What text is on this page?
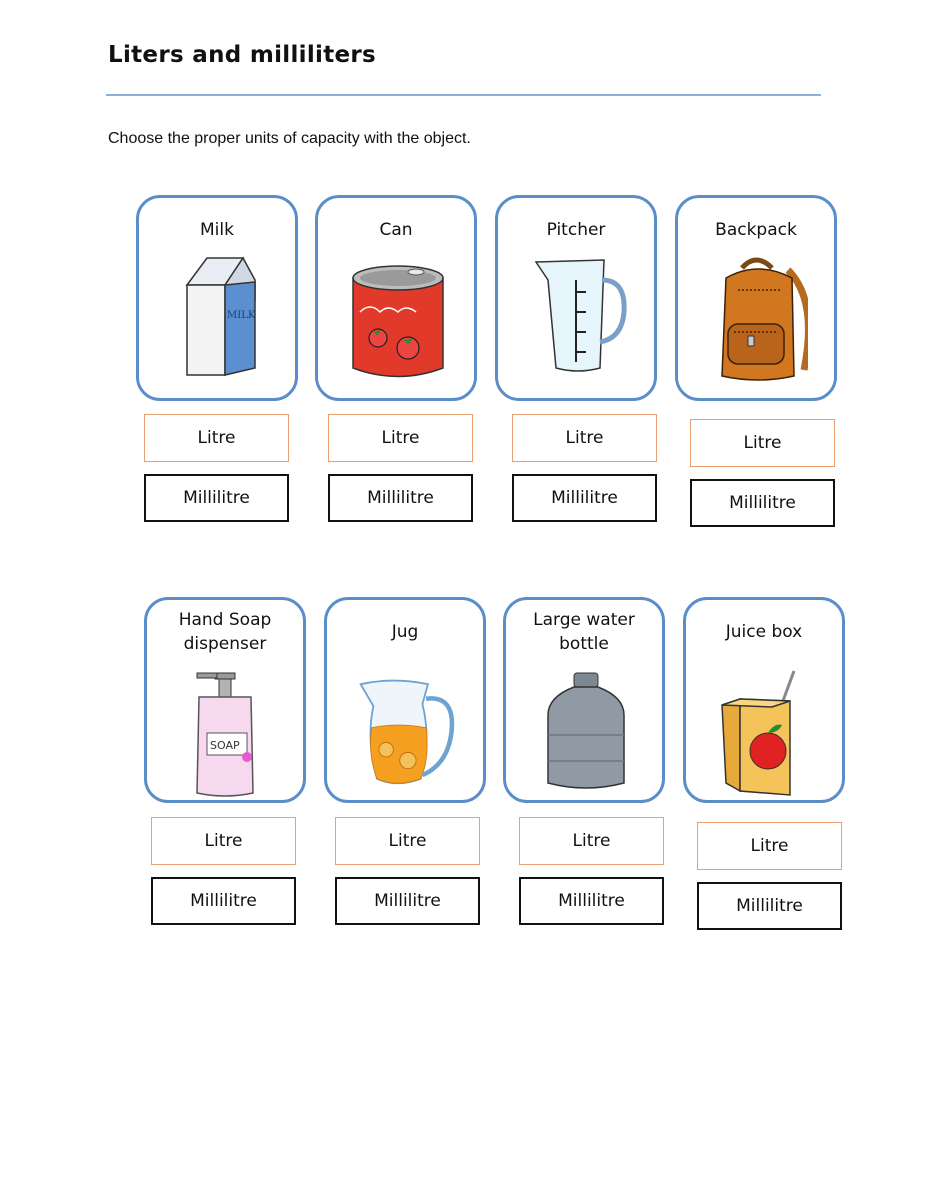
Liters and milliliters
Choose the proper units of capacity with the object.
Milk
MILK
Can	Pitcher	Backpack
Litre
Millilitre
Litre
Millilitre
Litre
Millilitre
Litre
Millilitre
Hand Soap dispenser
SOAP
Jug
Large water bottle
Juice box
Litre
Millilitre
Litre
Millilitre
Litre
Millilitre
Litre
Millilitre
